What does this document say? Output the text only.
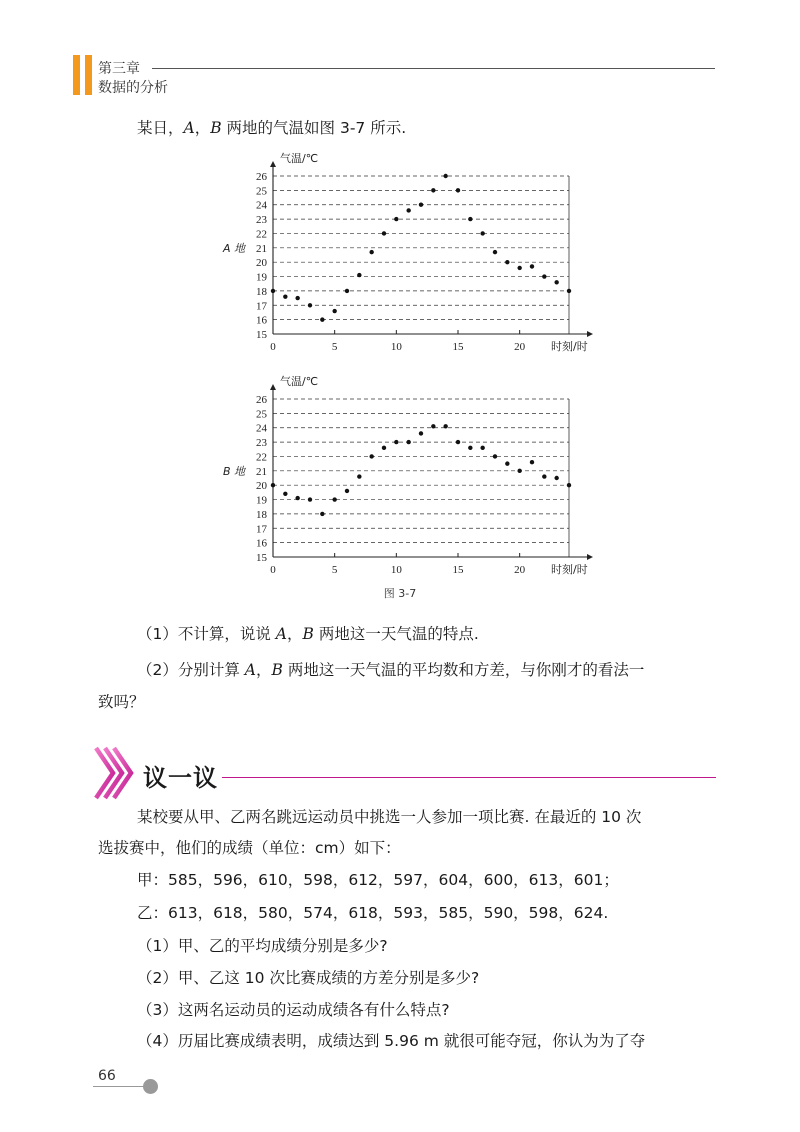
第三章
数据的分析
某日，A，B 两地的气温如图 3-7 所示.
15
16
17
18
19
20
21
22
23
24
25
26
0	5	10	15	20
气温/℃
时刻/时
A 地
15
16
17
18
19
20
21
22
23
24
25
26
0	5	10	15	20
气温/℃
时刻/时
B 地
图 3-7
（1）不计算，说说 A，B 两地这一天气温的特点.
（2）分别计算 A，B 两地这一天气温的平均数和方差，与你刚才的看法一
致吗？
议一议
某校要从甲、乙两名跳远运动员中挑选一人参加一项比赛. 在最近的 10 次
选拔赛中，他们的成绩（单位：cm）如下：
甲：585，596，610，598，612，597，604，600，613，601；
乙：613，618，580，574，618，593，585，590，598，624.
（1）甲、乙的平均成绩分别是多少?
（2）甲、乙这 10 次比赛成绩的方差分别是多少?
（3）这两名运动员的运动成绩各有什么特点?
（4）历届比赛成绩表明，成绩达到 5.96 m 就很可能夺冠，你认为为了夺
66
